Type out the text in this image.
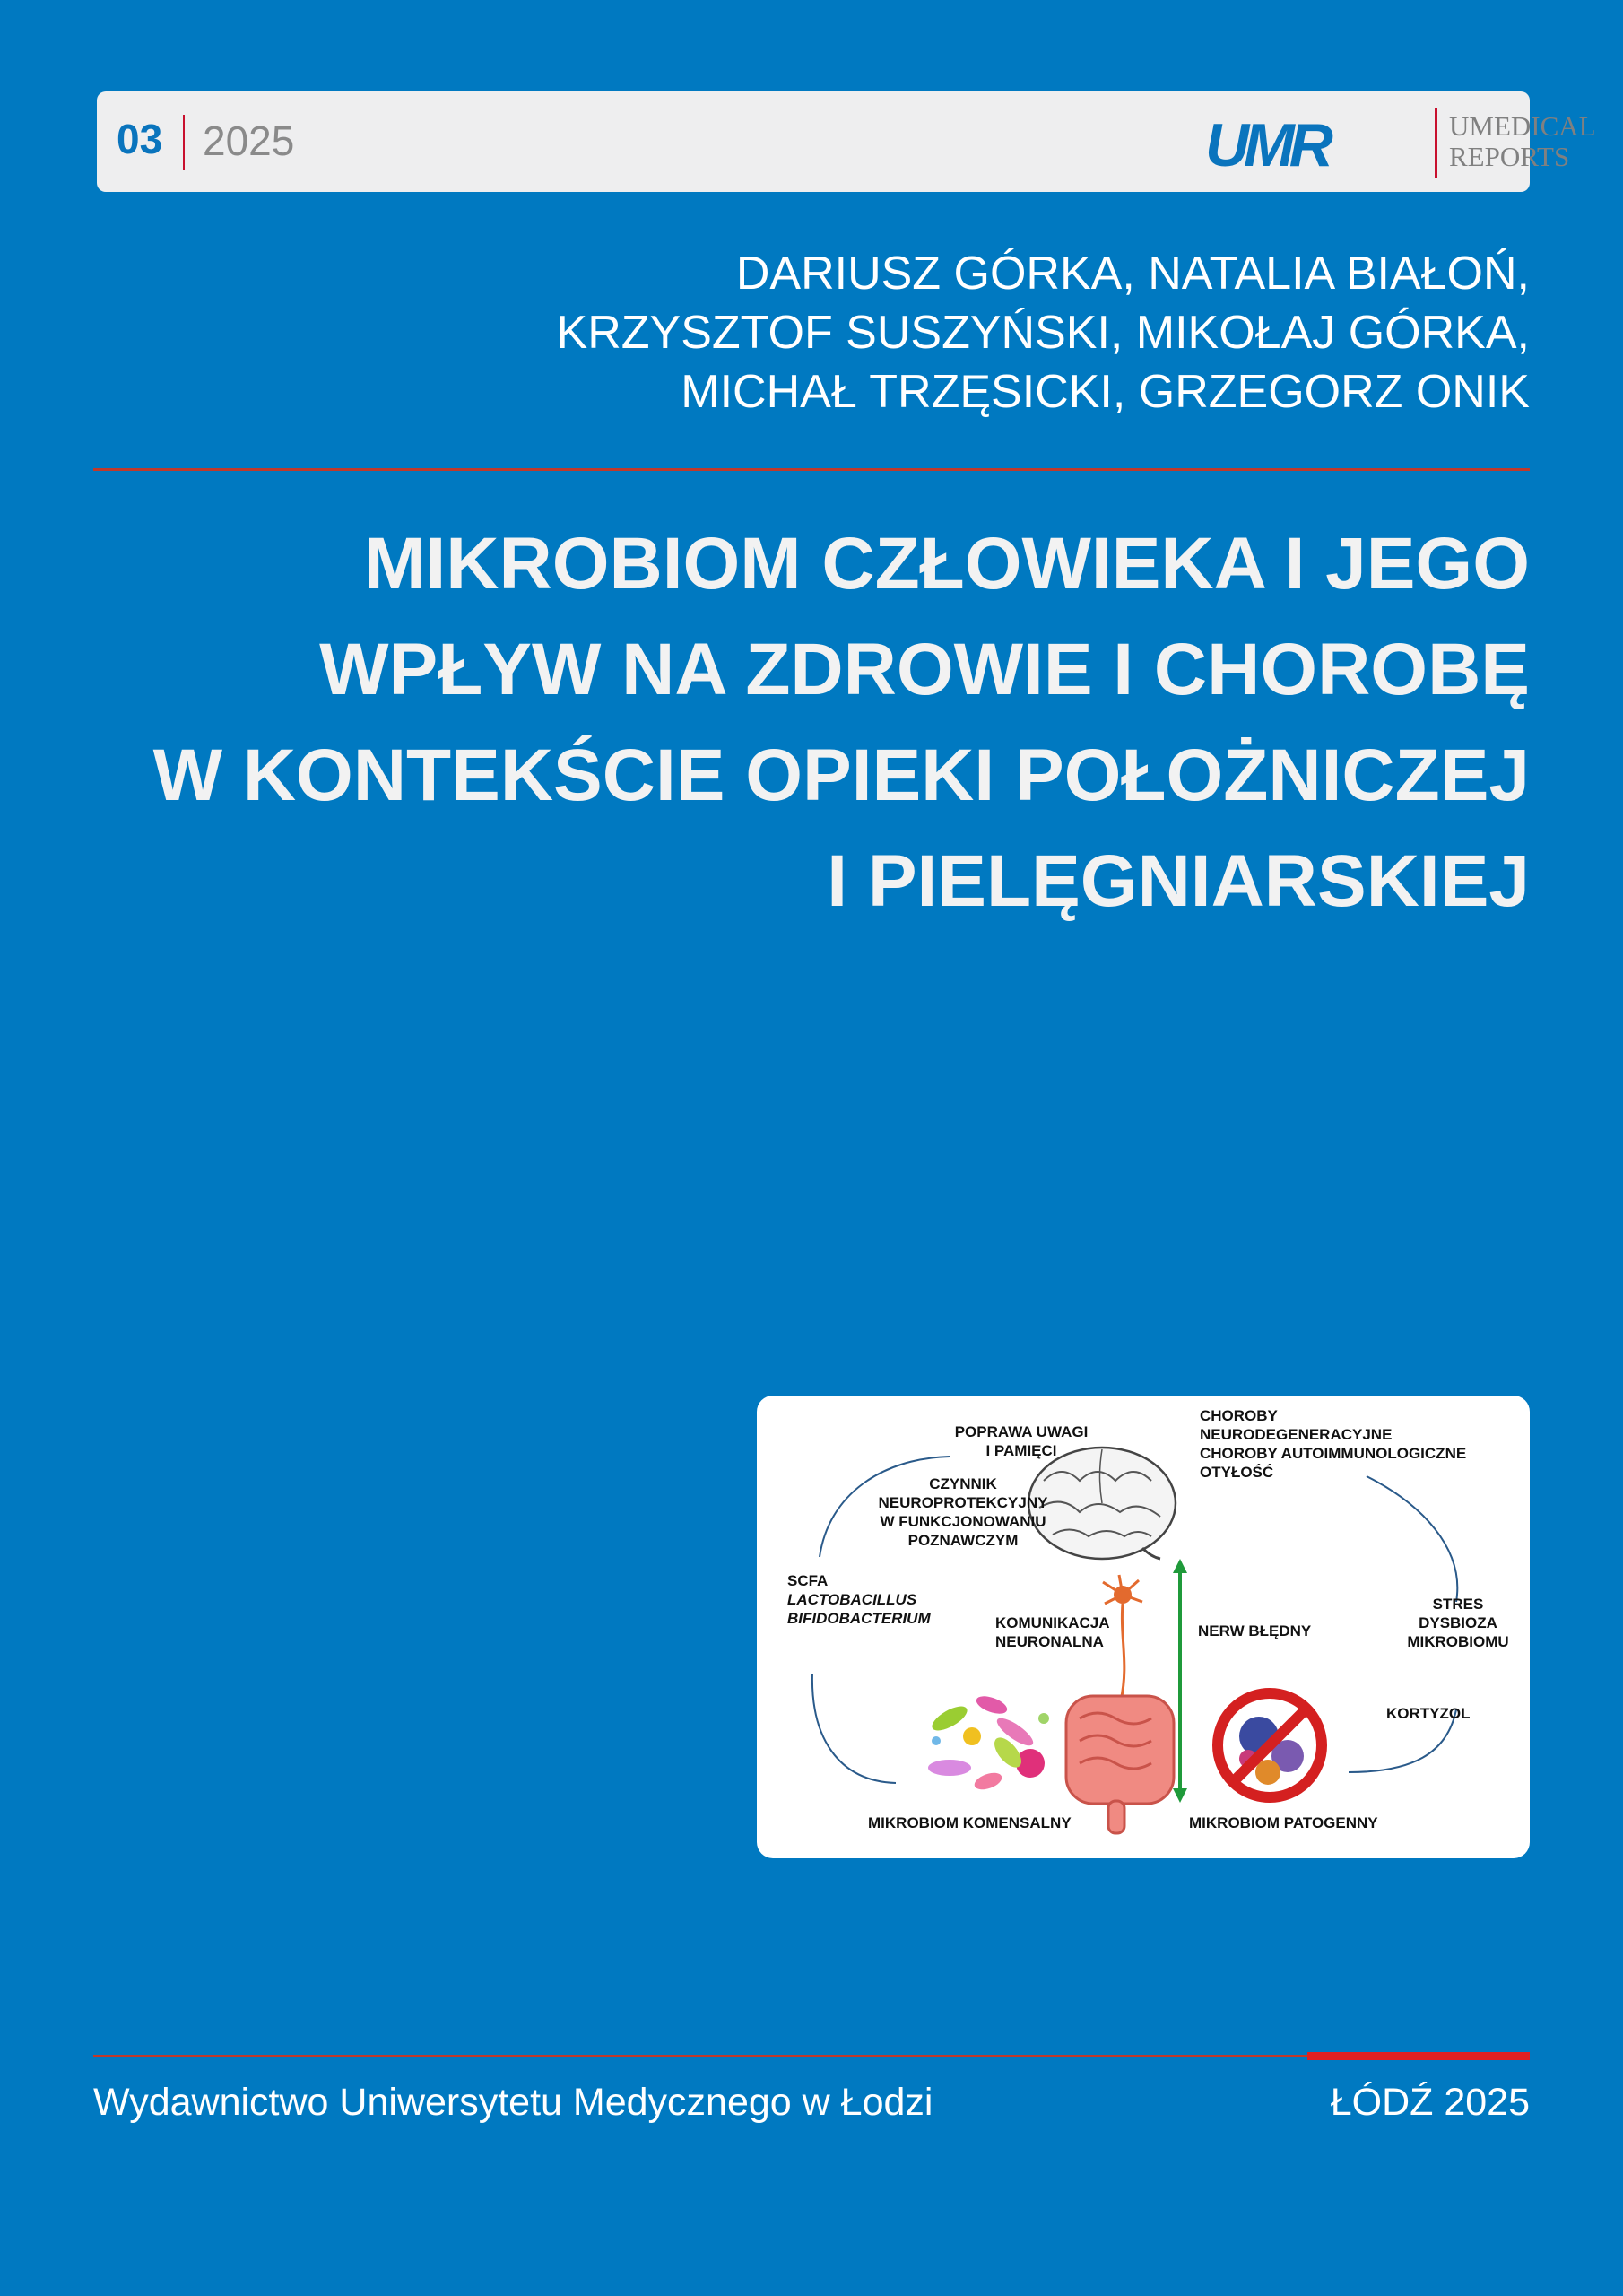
03 2025	UMR	UMEDICAL
REPORTS
DARIUSZ GÓRKA, NATALIA BIAŁOŃ,
KRZYSZTOF SUSZYŃSKI, MIKOŁAJ GÓRKA,
MICHAŁ TRZĘSICKI, GRZEGORZ ONIK
MIKROBIOM CZŁOWIEKA I JEGO
WPŁYW NA ZDROWIE I CHOROBĘ
W KONTEKŚCIE OPIEKI POŁOŻNICZEJ
I PIELĘGNIARSKIEJ
POPRAWA UWAGI
I PAMIĘCI
CZYNNIK
NEUROPROTEKCYJNY
W FUNKCJONOWANIU
POZNAWCZYM
CHOROBY
NEURODEGENERACYJNE
CHOROBY AUTOIMMUNOLOGICZNE
OTYŁOŚĆ
SCFA
LACTOBACILLUS
BIFIDOBACTERIUM	KOMUNIKACJA
NEURONALNA
NERW BŁĘDNY
STRES
DYSBIOZA
MIKROBIOMU
KORTYZOL
MIKROBIOM KOMENSALNY	MIKROBIOM PATOGENNY
Wydawnictwo Uniwersytetu Medycznego w Łodzi	ŁÓDŹ 2025
